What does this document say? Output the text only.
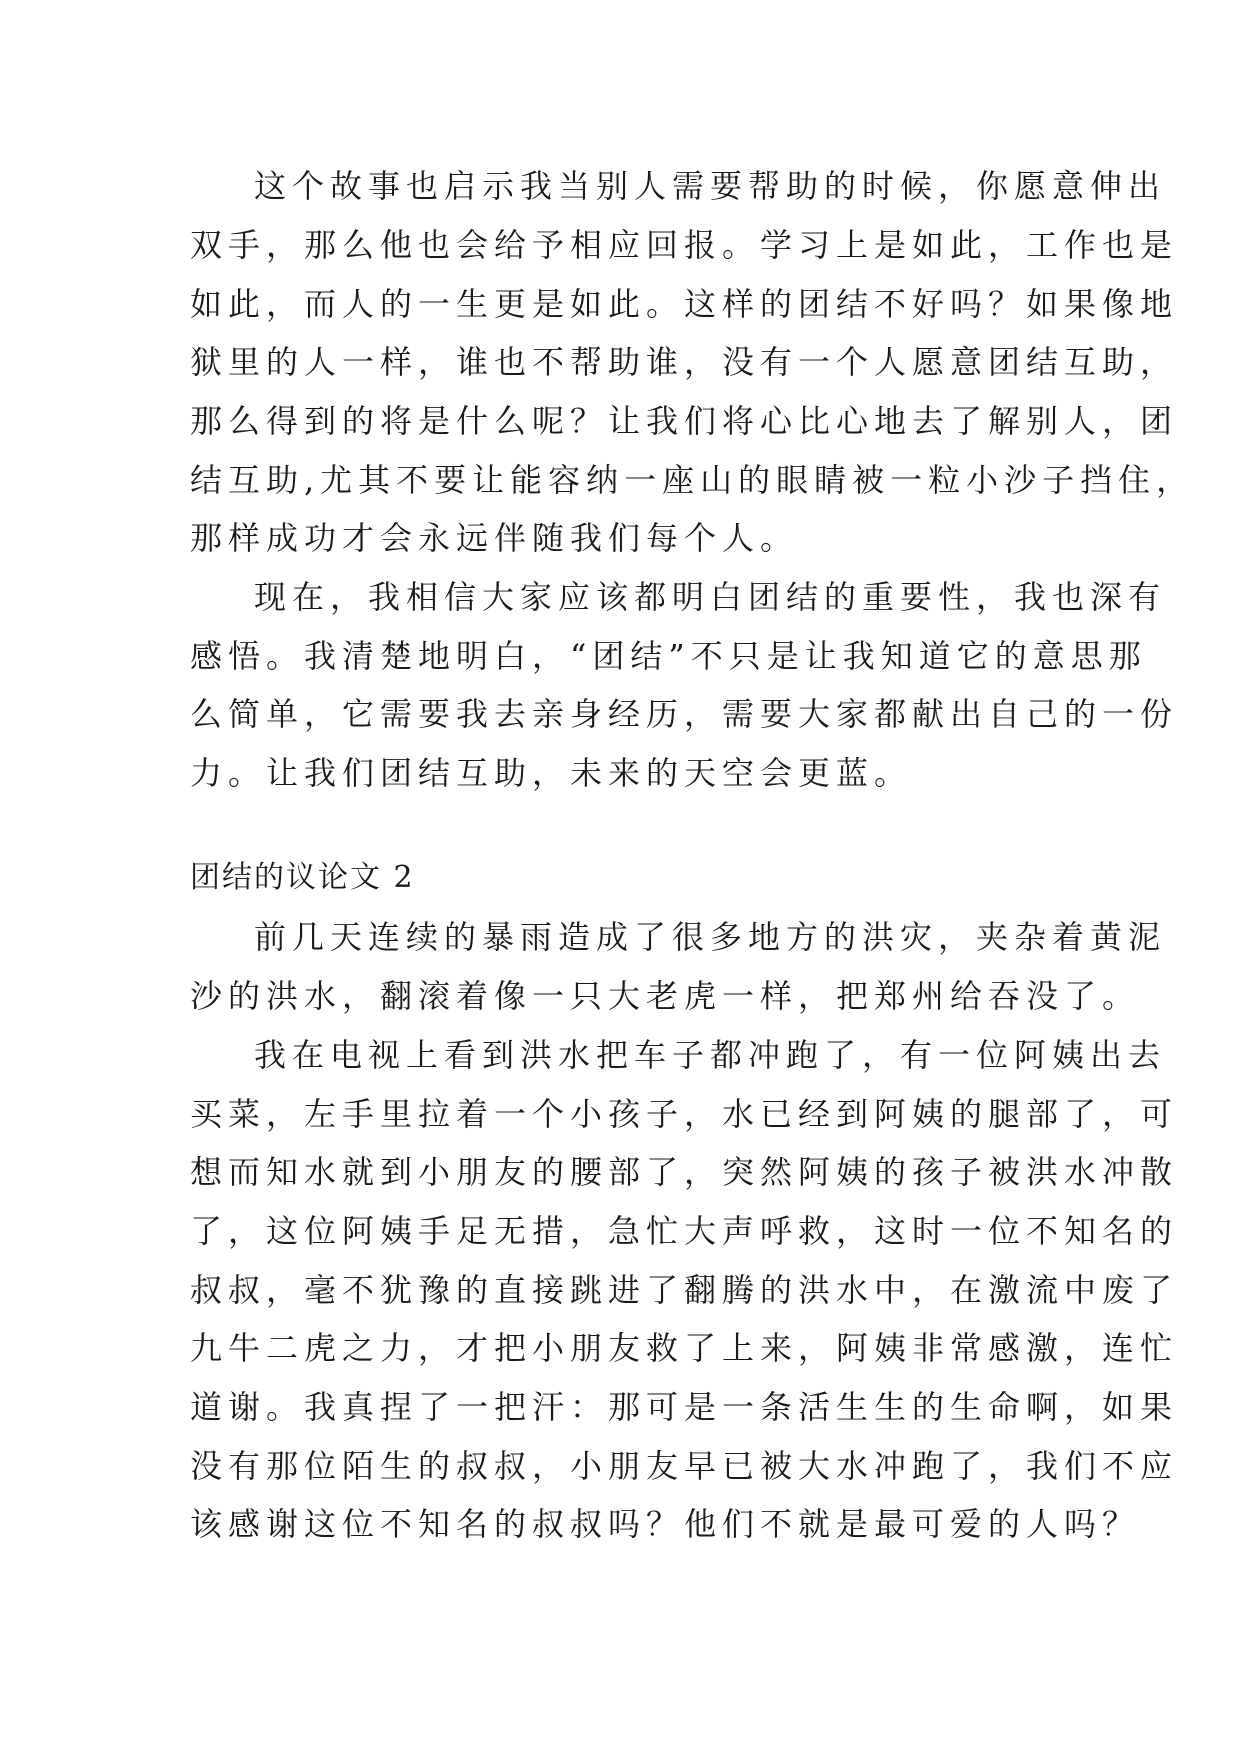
这个故事也启示我当别人需要帮助的时候，你愿意伸出
双手，那么他也会给予相应回报。学习上是如此，工作也是
如此，而人的一生更是如此。这样的团结不好吗？如果像地
狱里的人一样，谁也不帮助谁，没有一个人愿意团结互助，
那么得到的将是什么呢？让我们将心比心地去了解别人，团
结互助,尤其不要让能容纳一座山的眼睛被一粒小沙子挡住，
那样成功才会永远伴随我们每个人。
现在，我相信大家应该都明白团结的重要性，我也深有
感悟。我清楚地明白，“团结”不只是让我知道它的意思那
么简单，它需要我去亲身经历，需要大家都献出自己的一份
力。让我们团结互助，未来的天空会更蓝。
团结的议论文 2
前几天连续的暴雨造成了很多地方的洪灾，夹杂着黄泥
沙的洪水，翻滚着像一只大老虎一样，把郑州给吞没了。
我在电视上看到洪水把车子都冲跑了，有一位阿姨出去
买菜，左手里拉着一个小孩子，水已经到阿姨的腿部了，可
想而知水就到小朋友的腰部了，突然阿姨的孩子被洪水冲散
了，这位阿姨手足无措，急忙大声呼救，这时一位不知名的
叔叔，毫不犹豫的直接跳进了翻腾的洪水中，在激流中废了
九牛二虎之力，才把小朋友救了上来，阿姨非常感激，连忙
道谢。我真捏了一把汗：那可是一条活生生的生命啊，如果
没有那位陌生的叔叔，小朋友早已被大水冲跑了，我们不应
该感谢这位不知名的叔叔吗？他们不就是最可爱的人吗？
